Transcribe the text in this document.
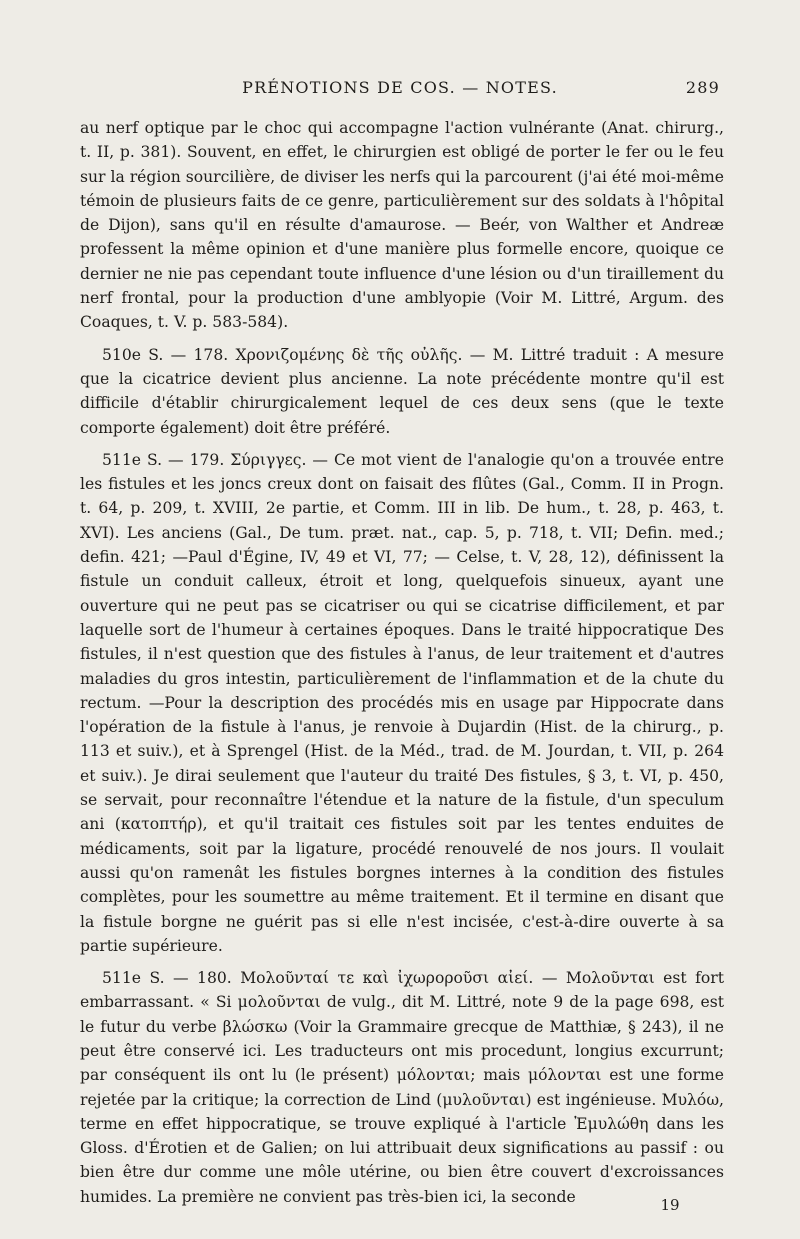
PRÉNOTIONS DE COS. — NOTES.	289

au nerf optique par le choc qui accompagne l'action vulnérante (Anat. chirurg., t. II, p. 381). Souvent, en effet, le chirurgien est obligé de porter le fer ou le feu sur la région sourcilière, de diviser les nerfs qui la parcourent (j'ai été moi-même témoin de plusieurs faits de ce genre, particulièrement sur des soldats à l'hôpital de Dijon), sans qu'il en résulte d'amaurose. — Beér, von Walther et Andreæ professent la même opinion et d'une manière plus formelle encore, quoique ce dernier ne nie pas cependant toute influence d'une lésion ou d'un tiraillement du nerf frontal, pour la production d'une amblyopie (Voir M. Littré, Argum. des Coaques, t. V. p. 583-584).

510e S. — 178. Χρονιζομένης δὲ τῆς οὐλῆς. — M. Littré traduit : A mesure que la cicatrice devient plus ancienne. La note précédente montre qu'il est difficile d'établir chirurgicalement lequel de ces deux sens (que le texte comporte également) doit être préféré.

511e S. — 179. Σύριγγες. — Ce mot vient de l'analogie qu'on a trouvée entre les fistules et les joncs creux dont on faisait des flûtes (Gal., Comm. II in Progn. t. 64, p. 209, t. XVIII, 2e partie, et Comm. III in lib. De hum., t. 28, p. 463, t. XVI). Les anciens (Gal., De tum. præt. nat., cap. 5, p. 718, t. VII; Defin. med.; defin. 421; —Paul d'Égine, IV, 49 et VI, 77; — Celse, t. V, 28, 12), définissent la fistule un conduit calleux, étroit et long, quelquefois sinueux, ayant une ouverture qui ne peut pas se cicatriser ou qui se cicatrise difficilement, et par laquelle sort de l'humeur à certaines époques. Dans le traité hippocratique Des fistules, il n'est question que des fistules à l'anus, de leur traitement et d'autres maladies du gros intestin, particulièrement de l'inflammation et de la chute du rectum. —Pour la description des procédés mis en usage par Hippocrate dans l'opération de la fistule à l'anus, je renvoie à Dujardin (Hist. de la chirurg., p. 113 et suiv.), et à Sprengel (Hist. de la Méd., trad. de M. Jourdan, t. VII, p. 264 et suiv.). Je dirai seulement que l'auteur du traité Des fistules, § 3, t. VI, p. 450, se servait, pour reconnaître l'étendue et la nature de la fistule, d'un speculum ani (κατοπτήρ), et qu'il traitait ces fistules soit par les tentes enduites de médicaments, soit par la ligature, procédé renouvelé de nos jours. Il voulait aussi qu'on ramenât les fistules borgnes internes à la condition des fistules complètes, pour les soumettre au même traitement. Et il termine en disant que la fistule borgne ne guérit pas si elle n'est incisée, c'est-à-dire ouverte à sa partie supérieure.

511e S. — 180. Μολοῦνταί τε καὶ ἰχωροροῦσι αἰεί. — Μολοῦνται est fort embarrassant. « Si μολοῦνται de vulg., dit M. Littré, note 9 de la page 698, est le futur du verbe βλώσκω (Voir la Grammaire grecque de Matthiæ, § 243), il ne peut être conservé ici. Les traducteurs ont mis procedunt, longius excurrunt; par conséquent ils ont lu (le présent) μόλονται; mais μόλονται est une forme rejetée par la critique; la correction de Lind (μυλοῦνται) est ingénieuse. Μυλόω, terme en effet hippocratique, se trouve expliqué à l'article Ἐμυλώθη dans les Gloss. d'Érotien et de Galien; on lui attribuait deux significations au passif : ou bien être dur comme une môle utérine, ou bien être couvert d'excroissances humides. La première ne convient pas très-bien ici, la seconde	19
